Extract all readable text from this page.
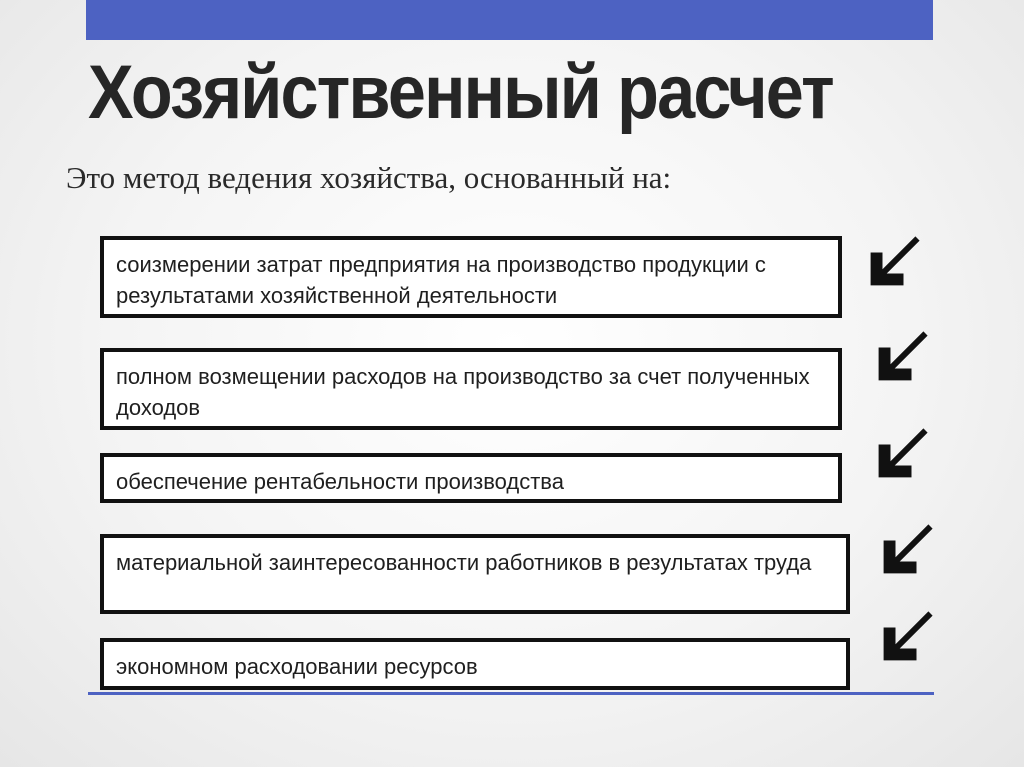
Хозяйственный расчет
Это метод ведения хозяйства, основанный на:
соизмерении затрат предприятия на производство продукции с результатами хозяйственной деятельности
полном возмещении расходов на производство за счет полученных доходов
обеспечение рентабельности производства
материальной заинтересованности работников в результатах труда
экономном расходовании ресурсов
